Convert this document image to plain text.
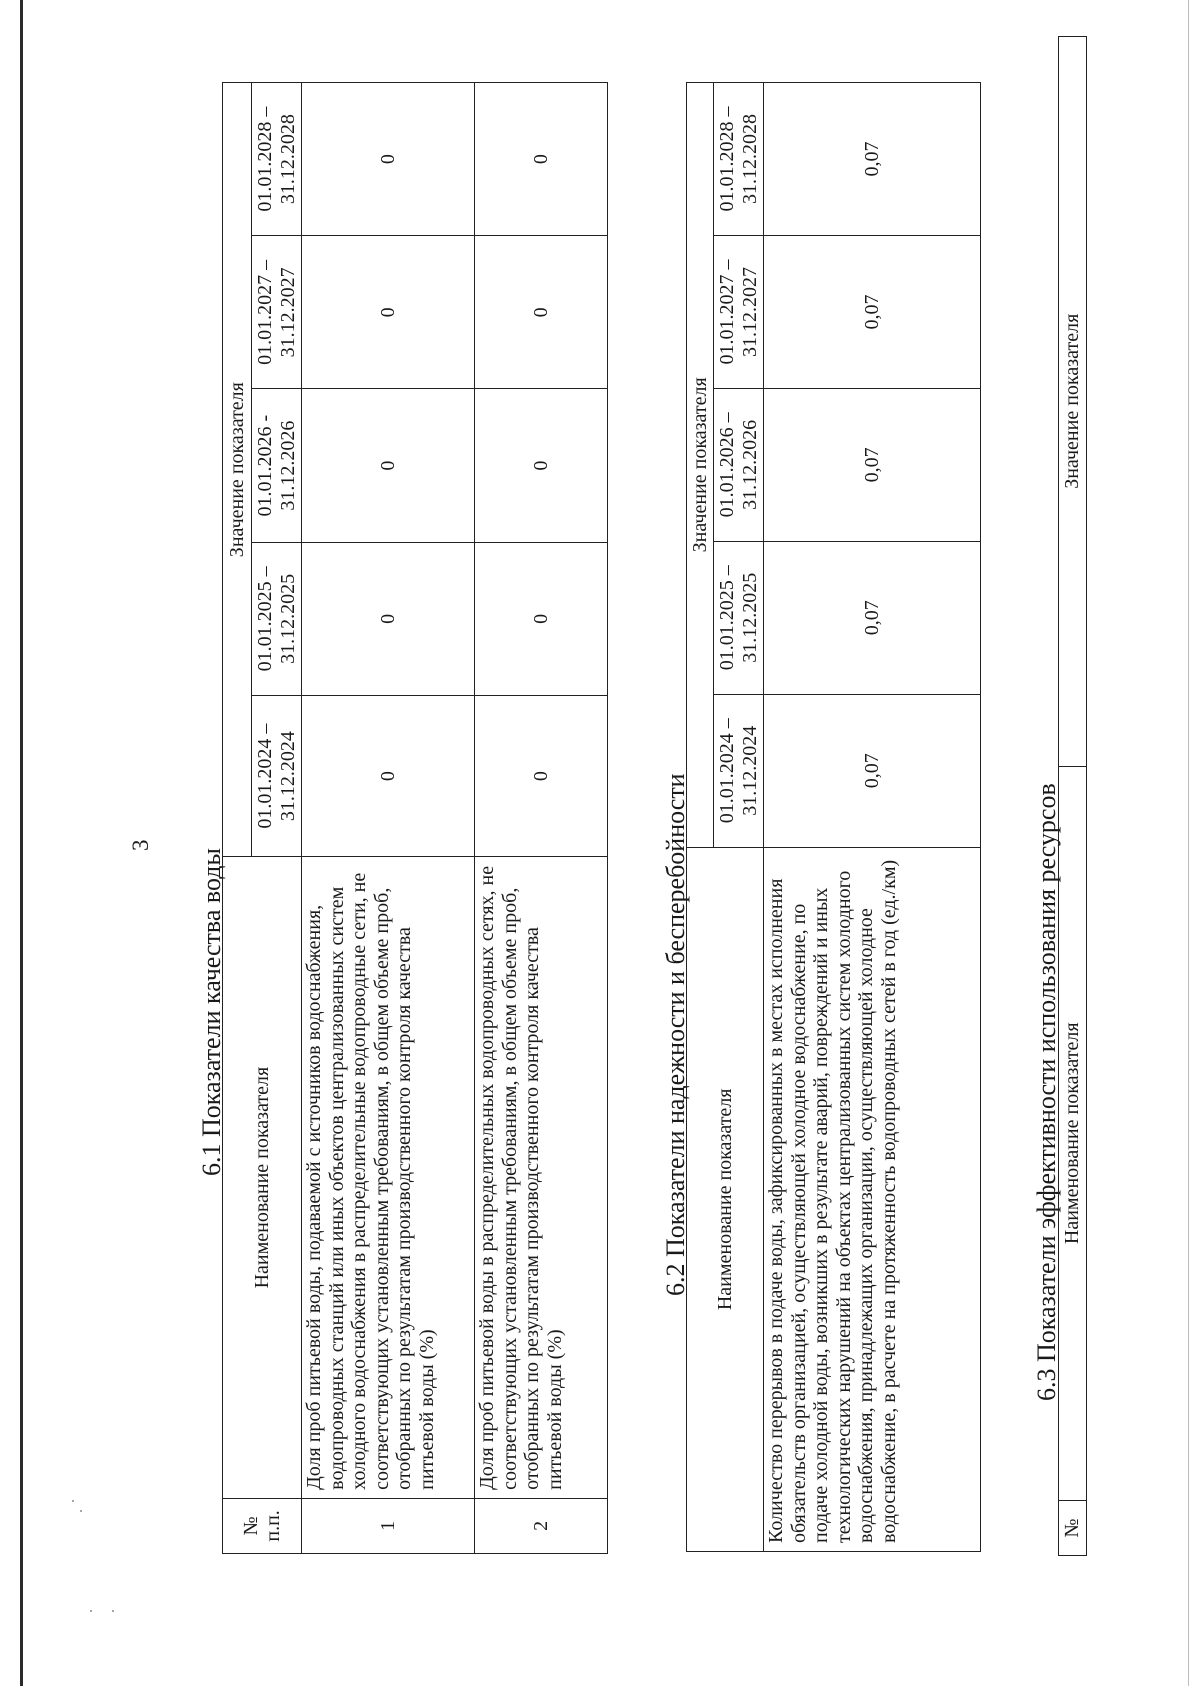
3
6.1 Показатели качества воды
№ п.п.	Наименование показателя	Значение показателя				
		01.01.2024 – 31.12.2024	01.01.2025 – 31.12.2025	01.01.2026 - 31.12.2026	01.01.2027 – 31.12.2027	01.01.2028 – 31.12.2028
1	Доля проб питьевой воды, подаваемой с источников водоснабжения, водопроводных станций или иных объектов централизованных систем холодного водоснабжения в распределительные водопроводные сети, не соответствующих установленным требованиям, в общем объеме проб, отобранных по результатам производственного контроля качества питьевой воды (%)	0	0	0	0	0
2	Доля проб питьевой воды в распределительных водопроводных сетях, не соответствующих установленным требованиям, в общем объеме проб, отобранных по результатам производственного контроля качества питьевой воды (%)	0	0	0	0	0
6.2 Показатели надежности и бесперебойности Наименование показателя	Значение показателя				
	01.01.2024 – 31.12.2024	01.01.2025 – 31.12.2025	01.01.2026 – 31.12.2026	01.01.2027 – 31.12.2027	01.01.2028 – 31.12.2028
Количество перерывов в подаче воды, зафиксированных в местах исполнения обязательств организацией, осуществляющей холодное водоснабжение, по подаче холодной воды, возникших в результате аварий, повреждений и иных технологических нарушений на объектах централизованных систем холодного водоснабжения, принадлежащих организации, осуществляющей холодное водоснабжение, в расчете на протяженность водопроводных сетей в год (ед./км)	0,07	0,07	0,07	0,07	0,07
6.3 Показатели эффективности использования ресурсов
№	Наименование показателя	Значение показателя
